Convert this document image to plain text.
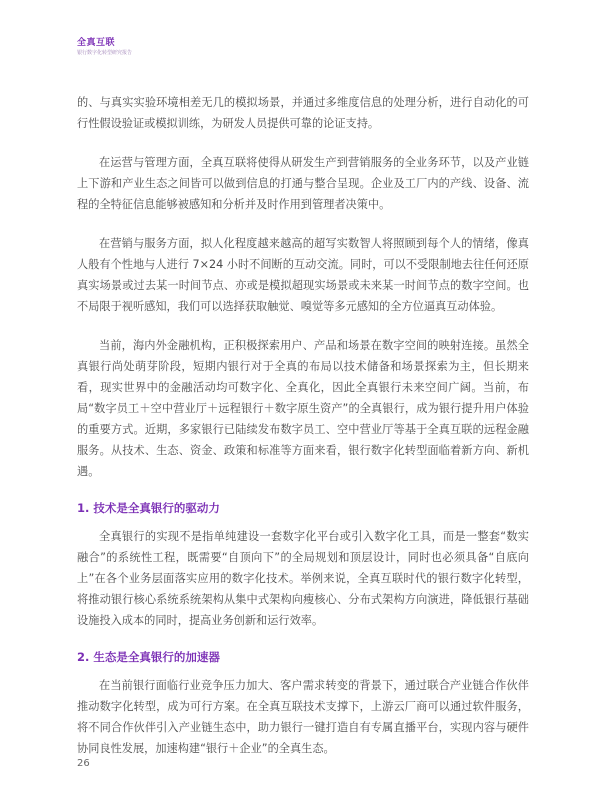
全真互联
银行数字化转型研究报告

的、与真实实验环境相差无几的模拟场景，并通过多维度信息的处理分析，进行自动化的可行性假设验证或模拟训练，为研发人员提供可靠的论证支持。

在运营与管理方面，全真互联将使得从研发生产到营销服务的全业务环节，以及产业链上下游和产业生态之间皆可以做到信息的打通与整合呈现。企业及工厂内的产线、设备、流程的全特征信息能够被感知和分析并及时作用到管理者决策中。

在营销与服务方面，拟人化程度越来越高的超写实数智人将照顾到每个人的情绪，像真人般有个性地与人进行 7×24 小时不间断的互动交流。同时，可以不受限制地去往任何还原真实场景或过去某一时间节点、亦或是模拟超现实场景或未来某一时间节点的数字空间。也不局限于视听感知，我们可以选择获取触觉、嗅觉等多元感知的全方位逼真互动体验。

当前，海内外金融机构，正积极探索用户、产品和场景在数字空间的映射连接。虽然全真银行尚处萌芽阶段，短期内银行对于全真的布局以技术储备和场景探索为主，但长期来看，现实世界中的金融活动均可数字化、全真化，因此全真银行未来空间广阔。当前，布局“数字员工＋空中营业厅＋远程银行＋数字原生资产”的全真银行，成为银行提升用户体验的重要方式。近期，多家银行已陆续发布数字员工、空中营业厅等基于全真互联的远程金融服务。从技术、生态、资金、政策和标准等方面来看，银行数字化转型面临着新方向、新机遇。

1. 技术是全真银行的驱动力

全真银行的实现不是指单纯建设一套数字化平台或引入数字化工具，而是一整套“数实融合”的系统性工程，既需要“自顶向下”的全局规划和顶层设计，同时也必须具备“自底向上”在各个业务层面落实应用的数字化技术。举例来说，全真互联时代的银行数字化转型，将推动银行核心系统系统架构从集中式架构向瘦核心、分布式架构方向演进，降低银行基础设施投入成本的同时，提高业务创新和运行效率。

2. 生态是全真银行的加速器

在当前银行面临行业竞争压力加大、客户需求转变的背景下，通过联合产业链合作伙伴推动数字化转型，成为可行方案。在全真互联技术支撑下，上游云厂商可以通过软件服务，将不同合作伙伴引入产业链生态中，助力银行一键打造自有专属直播平台，实现内容与硬件协同良性发展，加速构建“银行＋企业”的全真生态。

26
